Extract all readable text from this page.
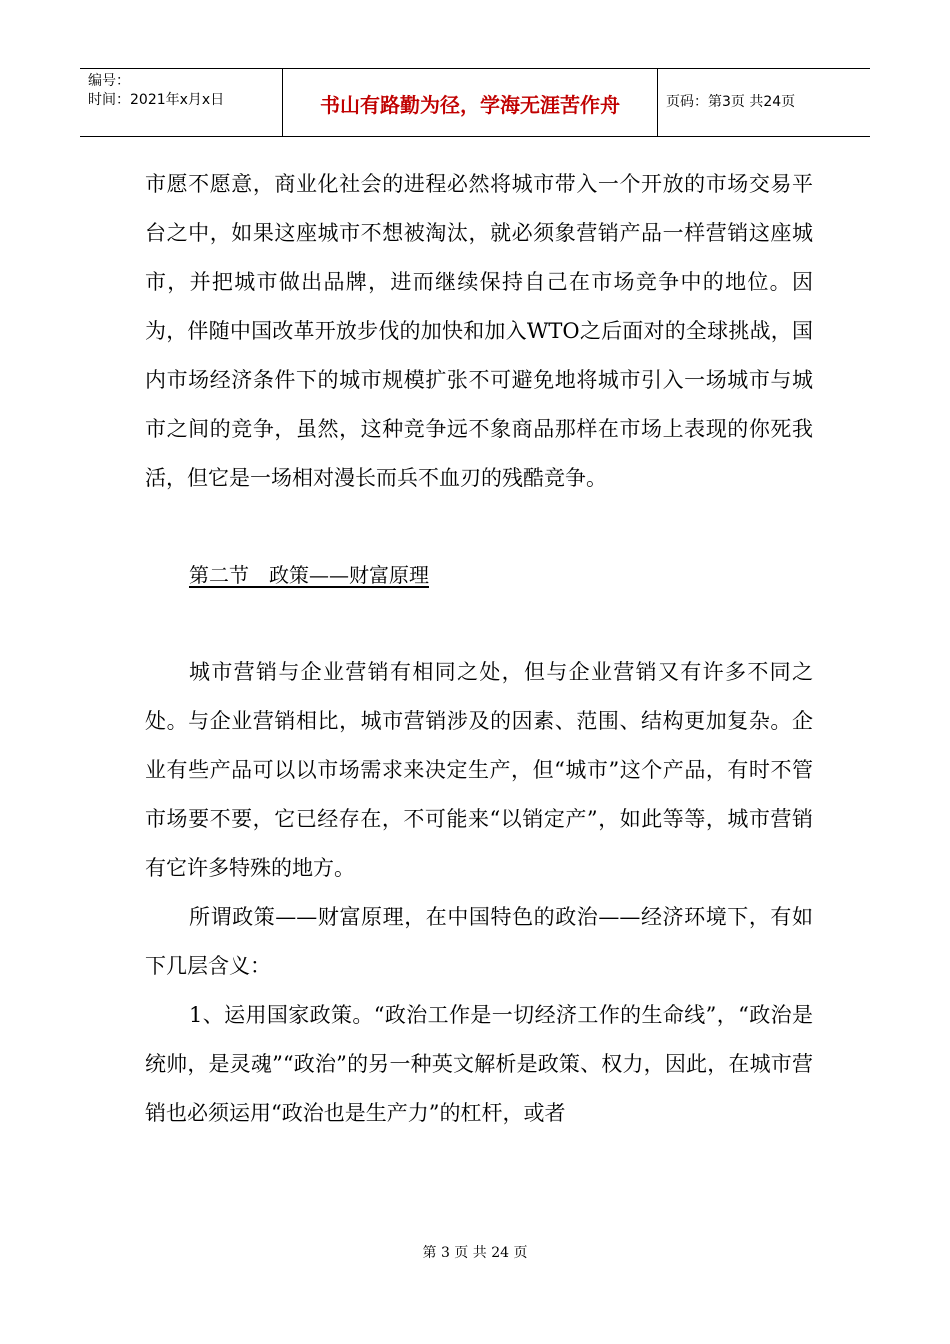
编号：
时间：2021年x月x日	书山有路勤为径，学海无涯苦作舟	页码：第3页 共24页

市愿不愿意，商业化社会的进程必然将城市带入一个开放的市场交易平台之中，如果这座城市不想被淘汰，就必须象营销产品一样营销这座城市，并把城市做出品牌，进而继续保持自己在市场竞争中的地位。因为，伴随中国改革开放步伐的加快和加入WTO之后面对的全球挑战，国内市场经济条件下的城市规模扩张不可避免地将城市引入一场城市与城市之间的竞争，虽然，这种竞争远不象商品那样在市场上表现的你死我活，但它是一场相对漫长而兵不血刃的残酷竞争。

第二节　政策——财富原理

城市营销与企业营销有相同之处，但与企业营销又有许多不同之处。与企业营销相比，城市营销涉及的因素、范围、结构更加复杂。企业有些产品可以以市场需求来决定生产，但“城市”这个产品，有时不管市场要不要，它已经存在，不可能来“以销定产”，如此等等，城市营销有它许多特殊的地方。

所谓政策——财富原理，在中国特色的政治——经济环境下，有如下几层含义：

1、运用国家政策。“政治工作是一切经济工作的生命线”，“政治是统帅，是灵魂”“政治”的另一种英文解析是政策、权力，因此，在城市营销也必须运用“政治也是生产力”的杠杆，或者

第 3 页 共 24 页
